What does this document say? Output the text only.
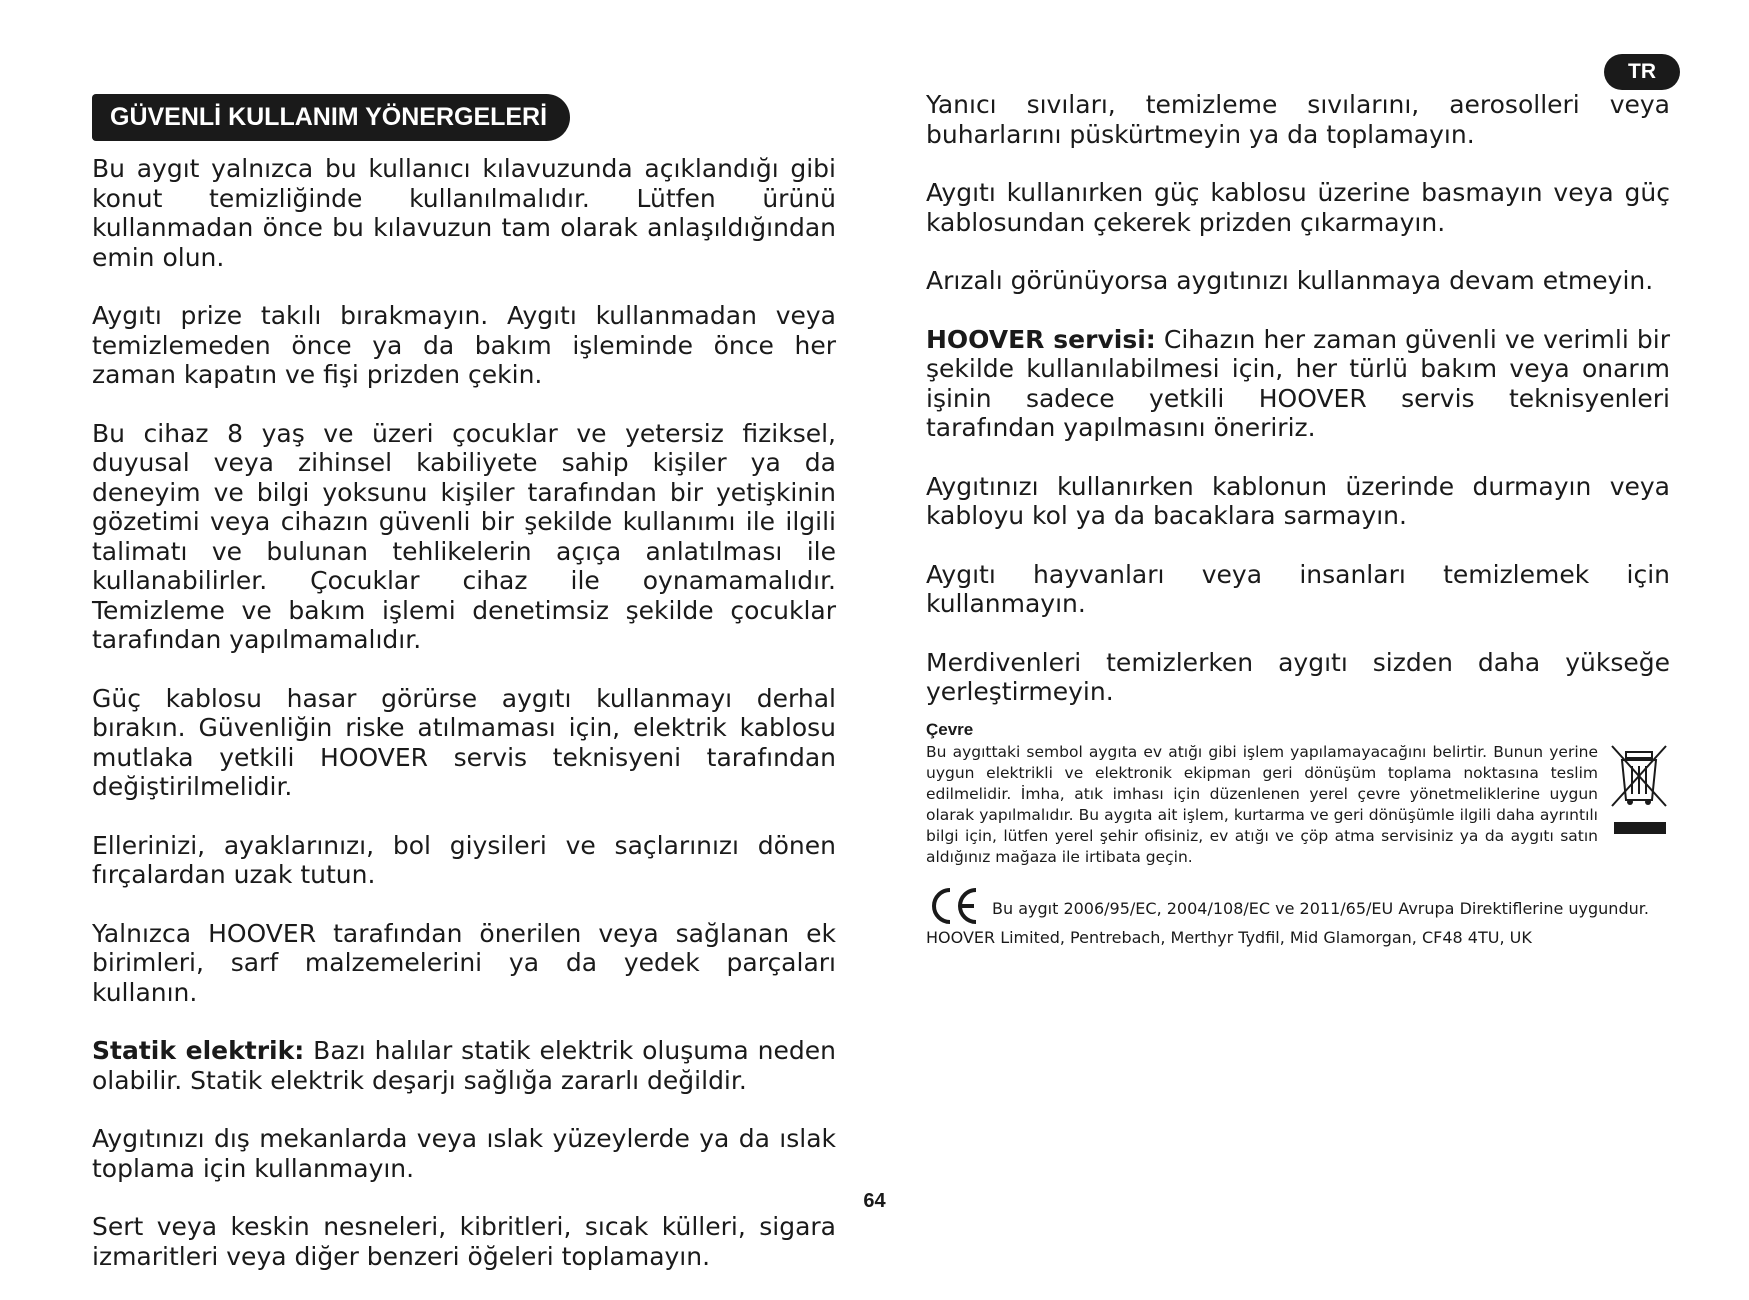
TR
GÜVENLİ KULLANIM YÖNERGELERİ

Bu aygıt yalnızca bu kullanıcı kılavuzunda açıklandığı gibi konut temizliğinde kullanılmalıdır. Lütfen ürünü kullanmadan önce bu kılavuzun tam olarak anlaşıldığından emin olun.

Aygıtı prize takılı bırakmayın. Aygıtı kullanmadan veya temizlemeden önce ya da bakım işleminde önce her zaman kapatın ve fişi prizden çekin.

Bu cihaz 8 yaş ve üzeri çocuklar ve yetersiz fiziksel, duyusal veya zihinsel kabiliyete sahip kişiler ya da deneyim ve bilgi yoksunu kişiler tarafından bir yetişkinin gözetimi veya cihazın güvenli bir şekilde kullanımı ile ilgili talimatı ve bulunan tehlikelerin açıça anlatılması ile kullanabilirler. Çocuklar cihaz ile oynamamalıdır. Temizleme ve bakım işlemi denetimsiz şekilde çocuklar tarafından yapılmamalıdır.

Güç kablosu hasar görürse aygıtı kullanmayı derhal bırakın. Güvenliğin riske atılmaması için, elektrik kablosu mutlaka yetkili HOOVER servis teknisyeni tarafından değiştirilmelidir.

Ellerinizi, ayaklarınızı, bol giysileri ve saçlarınızı dönen fırçalardan uzak tutun.

Yalnızca HOOVER tarafından önerilen veya sağlanan ek birimleri, sarf malzemelerini ya da yedek parçaları kullanın.

Statik elektrik: Bazı halılar statik elektrik oluşuma neden olabilir. Statik elektrik deşarjı sağlığa zararlı değildir.

Aygıtınızı dış mekanlarda veya ıslak yüzeylerde ya da ıslak toplama için kullanmayın.

Sert veya keskin nesneleri, kibritleri, sıcak külleri, sigara izmaritleri veya diğer benzeri öğeleri toplamayın.

Yanıcı sıvıları, temizleme sıvılarını, aerosolleri veya buharlarını püskürtmeyin ya da toplamayın.

Aygıtı kullanırken güç kablosu üzerine basmayın veya güç kablosundan çekerek prizden çıkarmayın.

Arızalı görünüyorsa aygıtınızı kullanmaya devam etmeyin.

HOOVER servisi: Cihazın her zaman güvenli ve verimli bir şekilde kullanılabilmesi için, her türlü bakım veya onarım işinin sadece yetkili HOOVER servis teknisyenleri tarafından yapılmasını öneririz.

Aygıtınızı kullanırken kablonun üzerinde durmayın veya kabloyu kol ya da bacaklara sarmayın.

Aygıtı hayvanları veya insanları temizlemek için kullanmayın.

Merdivenleri temizlerken aygıtı sizden daha yükseğe yerleştirmeyin.

Çevre

Bu aygıttaki sembol aygıta ev atığı gibi işlem yapılamayacağını belirtir. Bunun yerine uygun elektrikli ve elektronik ekipman geri dönüşüm toplama noktasına teslim edilmelidir. İmha, atık imhası için düzenlenen yerel çevre yönetmeliklerine uygun olarak yapılmalıdır. Bu aygıta ait işlem, kurtarma ve geri dönüşümle ilgili daha ayrıntılı bilgi için, lütfen yerel şehir ofisiniz, ev atığı ve çöp atma servisiniz ya da aygıtı satın aldığınız mağaza ile irtibata geçin.

Bu aygıt 2006/95/EC, 2004/108/EC ve 2011/65/EU Avrupa Direktiflerine uygundur.
HOOVER Limited, Pentrebach, Merthyr Tydfil, Mid Glamorgan, CF48 4TU, UK
64
